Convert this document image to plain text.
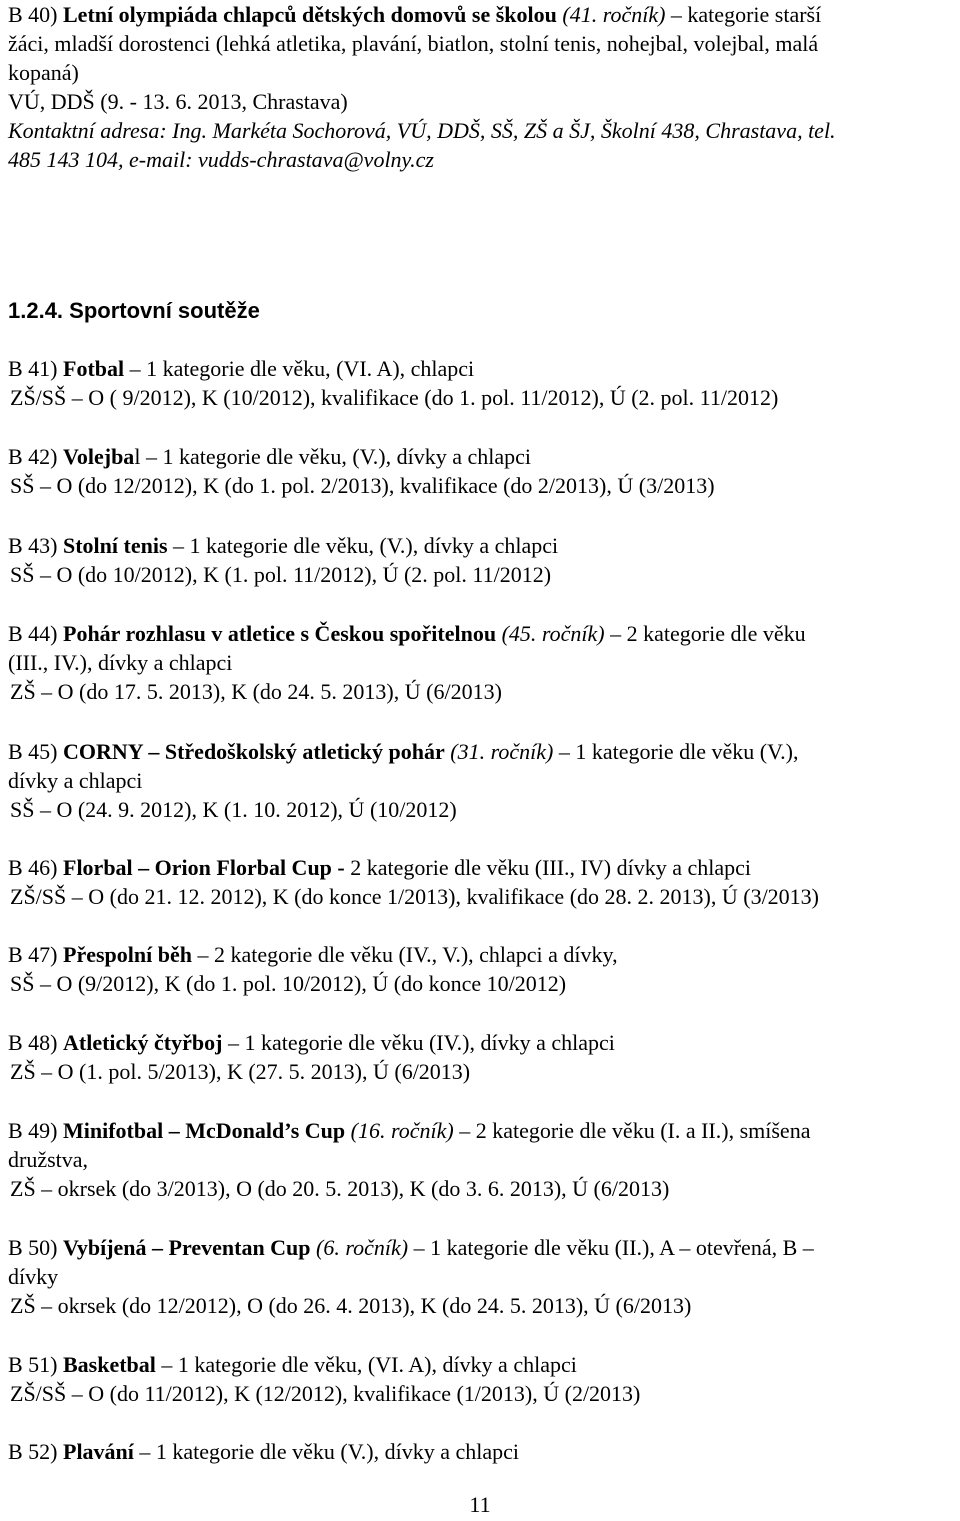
B 40) Letní olympiáda chlapců dětských domovů se školou (41. ročník) – kategorie starší
žáci, mladší dorostenci (lehká atletika, plavání, biatlon, stolní tenis, nohejbal, volejbal, malá
kopaná)
VÚ, DDŠ (9. - 13. 6. 2013, Chrastava)
Kontaktní adresa: Ing. Markéta Sochorová, VÚ, DDŠ, SŠ, ZŠ a ŠJ, Školní 438, Chrastava, tel.
485 143 104, e-mail: vudds-chrastava@volny.cz
1.2.4. Sportovní soutěže
B 41) Fotbal – 1 kategorie dle věku, (VI. A), chlapci
ZŠ/SŠ – O ( 9/2012), K (10/2012), kvalifikace (do 1. pol. 11/2012), Ú (2. pol. 11/2012)
B 42) Volejbal – 1 kategorie dle věku, (V.), dívky a chlapci
SŠ – O (do 12/2012), K (do 1. pol. 2/2013), kvalifikace (do 2/2013), Ú (3/2013)
B 43) Stolní tenis – 1 kategorie dle věku, (V.), dívky a chlapci
SŠ – O (do 10/2012), K (1. pol. 11/2012), Ú (2. pol. 11/2012)
B 44) Pohár rozhlasu v atletice s Českou spořitelnou (45. ročník) – 2 kategorie dle věku
(III., IV.), dívky a chlapci
ZŠ – O (do 17. 5. 2013), K (do 24. 5. 2013), Ú (6/2013)
B 45) CORNY – Středoškolský atletický pohár (31. ročník) – 1 kategorie dle věku (V.),
dívky a chlapci
SŠ – O (24. 9. 2012), K (1. 10. 2012), Ú (10/2012)
B 46) Florbal – Orion Florbal Cup - 2 kategorie dle věku (III., IV) dívky a chlapci
ZŠ/SŠ – O (do 21. 12. 2012), K (do konce 1/2013), kvalifikace (do 28. 2. 2013), Ú (3/2013)
B 47) Přespolní běh – 2 kategorie dle věku (IV., V.), chlapci a dívky,
SŠ – O (9/2012), K (do 1. pol. 10/2012), Ú (do konce 10/2012)
B 48) Atletický čtyřboj – 1 kategorie dle věku (IV.), dívky a chlapci
ZŠ – O (1. pol. 5/2013), K (27. 5. 2013), Ú (6/2013)
B 49) Minifotbal – McDonald’s Cup (16. ročník) – 2 kategorie dle věku (I. a II.), smíšena
družstva,
ZŠ – okrsek (do 3/2013), O (do 20. 5. 2013), K (do 3. 6. 2013), Ú (6/2013)
B 50) Vybíjená – Preventan Cup (6. ročník) – 1 kategorie dle věku (II.), A – otevřená, B –
dívky
ZŠ – okrsek (do 12/2012), O (do 26. 4. 2013), K (do 24. 5. 2013), Ú (6/2013)
B 51) Basketbal – 1 kategorie dle věku, (VI. A), dívky a chlapci
ZŠ/SŠ – O (do 11/2012), K (12/2012), kvalifikace (1/2013), Ú (2/2013)
B 52) Plavání – 1 kategorie dle věku (V.), dívky a chlapci
11
